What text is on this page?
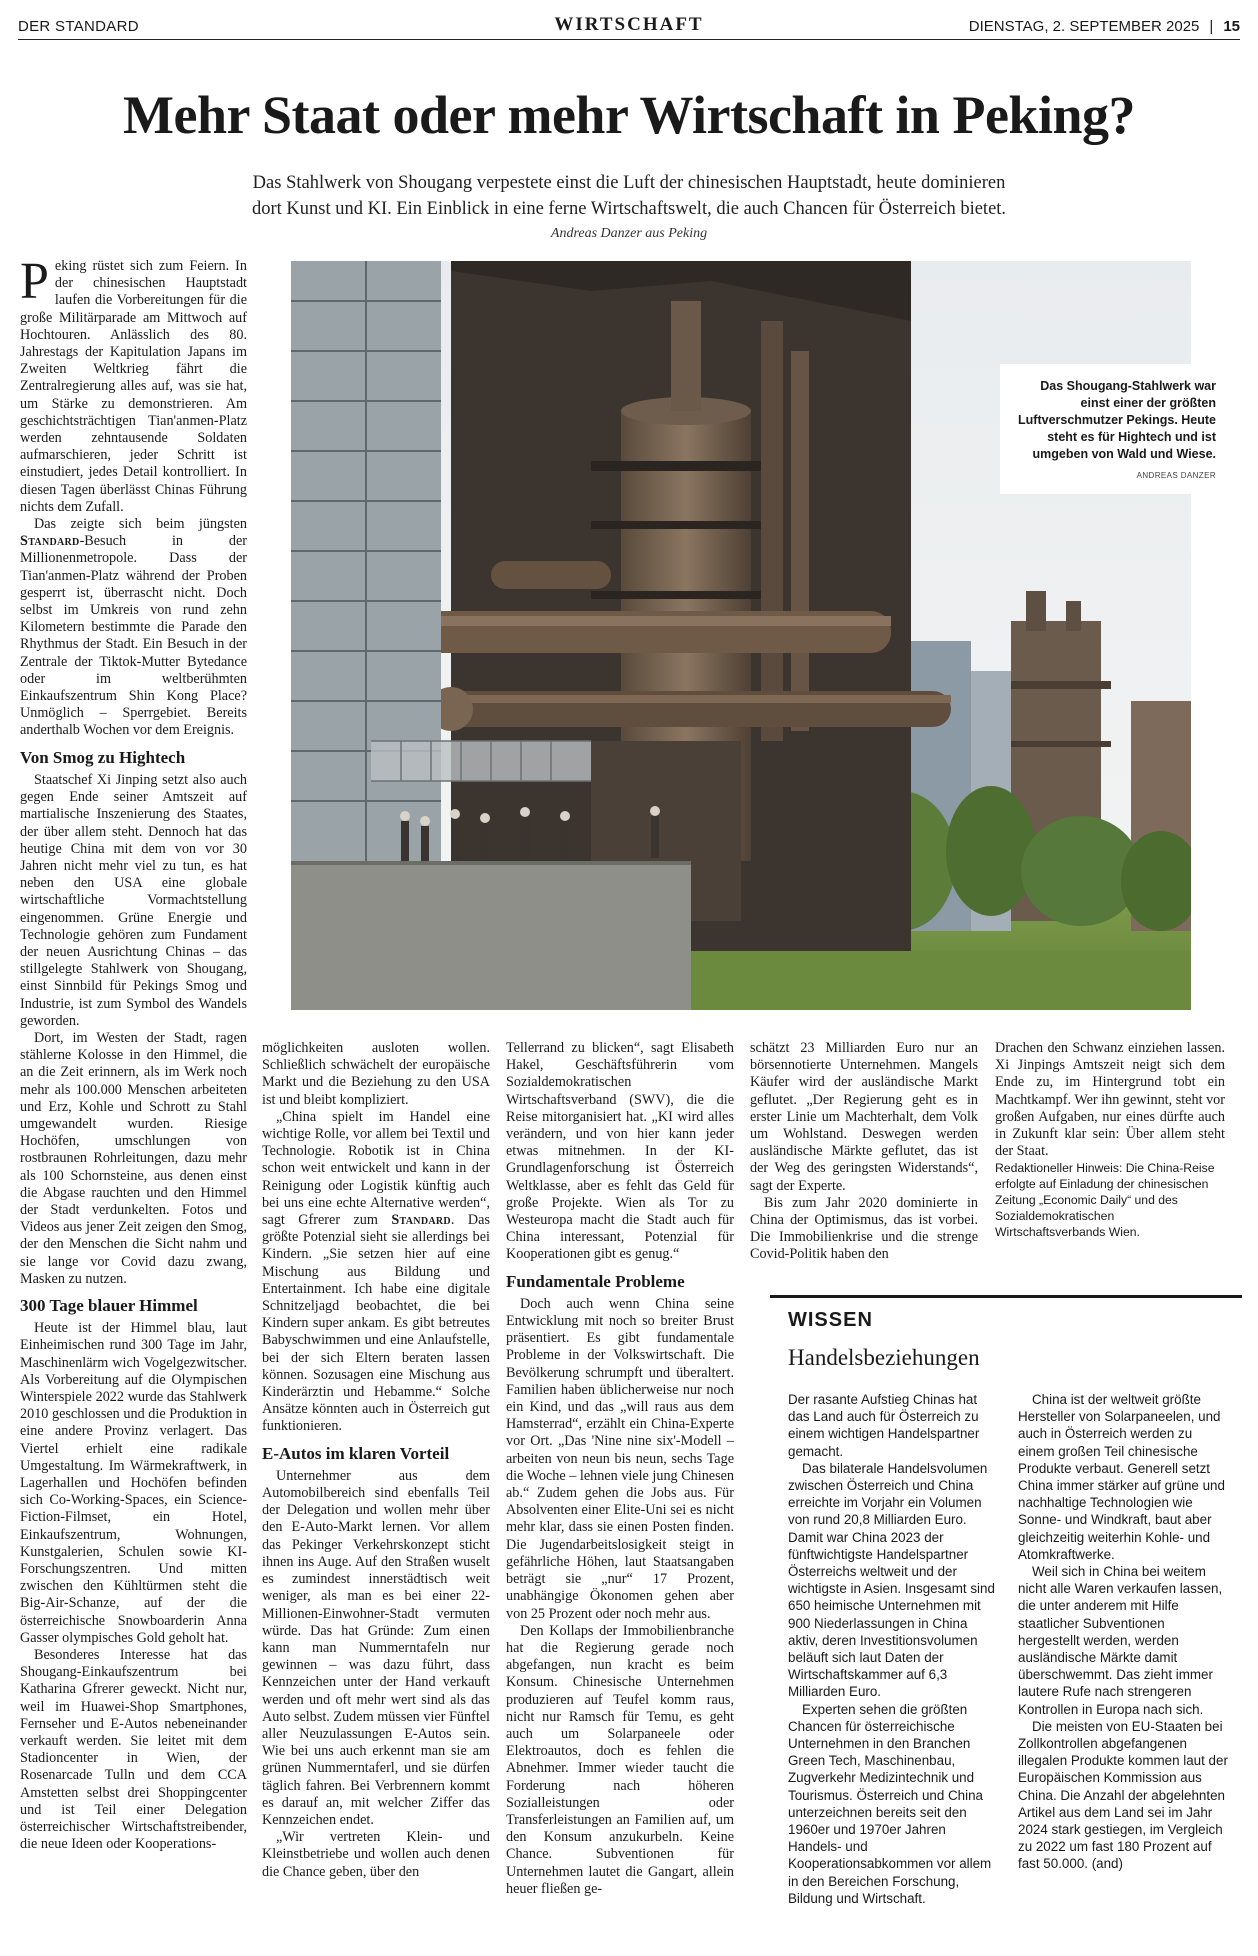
DER STANDARD	WIRTSCHAFT	DIENSTAG, 2. SEPTEMBER 2025 | 15
Mehr Staat oder mehr Wirtschaft in Peking?
Das Stahlwerk von Shougang verpestete einst die Luft der chinesischen Hauptstadt, heute dominieren
dort Kunst und KI. Ein Einblick in eine ferne Wirtschaftswelt, die auch Chancen für Österreich bietet.
Andreas Danzer aus Peking
Das Shougang-Stahlwerk war einst einer der größten Luftverschmutzer Pekings. Heute steht es für Hightech und ist umgeben von Wald und Wiese.
ANDREAS DANZER

Peking rüstet sich zum Feiern. In der chinesischen Hauptstadt laufen die Vorbereitungen für die große Militärparade am Mittwoch auf Hochtouren. Anlässlich des 80. Jahrestags der Kapitulation Japans im Zweiten Weltkrieg fährt die Zentralregierung alles auf, was sie hat, um Stärke zu demonstrieren. Am geschichtsträchtigen Tian'anmen-Platz werden zehntausende Soldaten aufmarschieren, jeder Schritt ist einstudiert, jedes Detail kontrolliert. In diesen Tagen überlässt Chinas Führung nichts dem Zufall.

Das zeigte sich beim jüngsten Standard-Besuch in der Millionenmetropole. Dass der Tian'anmen-Platz während der Proben gesperrt ist, überrascht nicht. Doch selbst im Umkreis von rund zehn Kilometern bestimmte die Parade den Rhythmus der Stadt. Ein Besuch in der Zentrale der Tiktok-Mutter Bytedance oder im weltberühmten Einkaufszentrum Shin Kong Place? Unmöglich – Sperrgebiet. Bereits anderthalb Wochen vor dem Ereignis.

Von Smog zu Hightech

Staatschef Xi Jinping setzt also auch gegen Ende seiner Amtszeit auf martialische Inszenierung des Staates, der über allem steht. Dennoch hat das heutige China mit dem von vor 30 Jahren nicht mehr viel zu tun, es hat neben den USA eine globale wirtschaftliche Vormachtstellung eingenommen. Grüne Energie und Technologie gehören zum Fundament der neuen Ausrichtung Chinas – das stillgelegte Stahlwerk von Shougang, einst Sinnbild für Pekings Smog und Industrie, ist zum Symbol des Wandels geworden.

Dort, im Westen der Stadt, ragen stählerne Kolosse in den Himmel, die an die Zeit erinnern, als im Werk noch mehr als 100.000 Menschen arbeiteten und Erz, Kohle und Schrott zu Stahl umgewandelt wurden. Riesige Hochöfen, umschlungen von rostbraunen Rohrleitungen, dazu mehr als 100 Schornsteine, aus denen einst die Abgase rauchten und den Himmel der Stadt verdunkelten. Fotos und Videos aus jener Zeit zeigen den Smog, der den Menschen die Sicht nahm und sie lange vor Covid dazu zwang, Masken zu nutzen.

300 Tage blauer Himmel

Heute ist der Himmel blau, laut Einheimischen rund 300 Tage im Jahr, Maschinenlärm wich Vogelgezwitscher. Als Vorbereitung auf die Olympischen Winterspiele 2022 wurde das Stahlwerk 2010 geschlossen und die Produktion in eine andere Provinz verlagert. Das Viertel erhielt eine radikale Umgestaltung. Im Wärmekraftwerk, in Lagerhallen und Hochöfen befinden sich Co-Working-Spaces, ein Science-Fiction-Filmset, ein Hotel, Einkaufszentrum, Wohnungen, Kunstgalerien, Schulen sowie KI-Forschungszentren. Und mitten zwischen den Kühltürmen steht die Big-Air-Schanze, auf der die österreichische Snowboarderin Anna Gasser olympisches Gold geholt hat.

Besonderes Interesse hat das Shougang-Einkaufszentrum bei Katharina Gfrerer geweckt. Nicht nur, weil im Huawei-Shop Smartphones, Fernseher und E-Autos nebeneinander verkauft werden. Sie leitet mit dem Stadioncenter in Wien, der Rosenarcade Tulln und dem CCA Amstetten selbst drei Shoppingcenter und ist Teil einer Delegation österreichischer Wirtschaftstreibender, die neue Ideen oder Kooperations-

möglichkeiten ausloten wollen. Schließlich schwächelt der europäische Markt und die Beziehung zu den USA ist und bleibt kompliziert.

„China spielt im Handel eine wichtige Rolle, vor allem bei Textil und Technologie. Robotik ist in China schon weit entwickelt und kann in der Reinigung oder Logistik künftig auch bei uns eine echte Alternative werden“, sagt Gfrerer zum Standard. Das größte Potenzial sieht sie allerdings bei Kindern. „Sie setzen hier auf eine Mischung aus Bildung und Entertainment. Ich habe eine digitale Schnitzeljagd beobachtet, die bei Kindern super ankam. Es gibt betreutes Babyschwimmen und eine Anlaufstelle, bei der sich Eltern beraten lassen können. Sozusagen eine Mischung aus Kinderärztin und Hebamme.“ Solche Ansätze könnten auch in Österreich gut funktionieren.

E-Autos im klaren Vorteil

Unternehmer aus dem Automobilbereich sind ebenfalls Teil der Delegation und wollen mehr über den E-Auto-Markt lernen. Vor allem das Pekinger Verkehrskonzept sticht ihnen ins Auge. Auf den Straßen wuselt es zumindest innerstädtisch weit weniger, als man es bei einer 22-Millionen-Einwohner-Stadt vermuten würde. Das hat Gründe: Zum einen kann man Nummerntafeln nur gewinnen – was dazu führt, dass Kennzeichen unter der Hand verkauft werden und oft mehr wert sind als das Auto selbst. Zudem müssen vier Fünftel aller Neuzulassungen E-Autos sein. Wie bei uns auch erkennt man sie am grünen Nummerntaferl, und sie dürfen täglich fahren. Bei Verbrennern kommt es darauf an, mit welcher Ziffer das Kennzeichen endet.

„Wir vertreten Klein- und Kleinstbetriebe und wollen auch denen die Chance geben, über den

Tellerrand zu blicken“, sagt Elisabeth Hakel, Geschäftsführerin vom Sozialdemokratischen Wirtschaftsverband (SWV), die die Reise mitorganisiert hat. „KI wird alles verändern, und von hier kann jeder etwas mitnehmen. In der KI-Grundlagenforschung ist Österreich Weltklasse, aber es fehlt das Geld für große Projekte. Wien als Tor zu Westeuropa macht die Stadt auch für China interessant, Potenzial für Kooperationen gibt es genug.“

Fundamentale Probleme

Doch auch wenn China seine Entwicklung mit noch so breiter Brust präsentiert. Es gibt fundamentale Probleme in der Volkswirtschaft. Die Bevölkerung schrumpft und überaltert. Familien haben üblicherweise nur noch ein Kind, und das „will raus aus dem Hamsterrad“, erzählt ein China-Experte vor Ort. „Das 'Nine nine six'-Modell – arbeiten von neun bis neun, sechs Tage die Woche – lehnen viele jung Chinesen ab.“ Zudem gehen die Jobs aus. Für Absolventen einer Elite-Uni sei es nicht mehr klar, dass sie einen Posten finden. Die Jugendarbeitslosigkeit steigt in gefährliche Höhen, laut Staatsangaben beträgt sie „nur“ 17 Prozent, unabhängige Ökonomen gehen aber von 25 Prozent oder noch mehr aus.

Den Kollaps der Immobilienbranche hat die Regierung gerade noch abgefangen, nun kracht es beim Konsum. Chinesische Unternehmen produzieren auf Teufel komm raus, nicht nur Ramsch für Temu, es geht auch um Solarpaneele oder Elektroautos, doch es fehlen die Abnehmer. Immer wieder taucht die Forderung nach höheren Sozialleistungen oder Transferleistungen an Familien auf, um den Konsum anzukurbeln. Keine Chance. Subventionen für Unternehmen lautet die Gangart, allein heuer fließen ge-

schätzt 23 Milliarden Euro nur an börsennotierte Unternehmen. Mangels Käufer wird der ausländische Markt geflutet. „Der Regierung geht es in erster Linie um Machterhalt, dem Volk um Wohlstand. Deswegen werden ausländische Märkte geflutet, das ist der Weg des geringsten Widerstands“, sagt der Experte.

Bis zum Jahr 2020 dominierte in China der Optimismus, das ist vorbei. Die Immobilienkrise und die strenge Covid-Politik haben den

Drachen den Schwanz einziehen lassen. Xi Jinpings Amtszeit neigt sich dem Ende zu, im Hintergrund tobt ein Machtkampf. Wer ihn gewinnt, steht vor großen Aufgaben, nur eines dürfte auch in Zukunft klar sein: Über allem steht der Staat.

Redaktioneller Hinweis: Die China-Reise erfolgte auf Einladung der chinesischen Zeitung „Economic Daily“ und des Sozialdemokratischen Wirtschaftsverbands Wien.

WISSEN
Handelsbeziehungen

Der rasante Aufstieg Chinas hat das Land auch für Österreich zu einem wichtigen Handelspartner gemacht.

Das bilaterale Handelsvolumen zwischen Österreich und China erreichte im Vorjahr ein Volumen von rund 20,8 Milliarden Euro. Damit war China 2023 der fünftwichtigste Handelspartner Österreichs weltweit und der wichtigste in Asien. Insgesamt sind 650 heimische Unternehmen mit 900 Niederlassungen in China aktiv, deren Investitionsvolumen beläuft sich laut Daten der Wirtschaftskammer auf 6,3 Milliarden Euro.

Experten sehen die größten Chancen für österreichische Unternehmen in den Branchen Green Tech, Maschinenbau, Zugverkehr Medizintechnik und Tourismus. Österreich und China unterzeichnen bereits seit den 1960er und 1970er Jahren Handels- und Kooperationsabkommen vor allem in den Bereichen Forschung, Bildung und Wirtschaft.

China ist der weltweit größte Hersteller von Solarpaneelen, und auch in Österreich werden zu einem großen Teil chinesische Produkte verbaut. Generell setzt China immer stärker auf grüne und nachhaltige Technologien wie Sonne- und Windkraft, baut aber gleichzeitig weiterhin Kohle- und Atomkraftwerke.

Weil sich in China bei weitem nicht alle Waren verkaufen lassen, die unter anderem mit Hilfe staatlicher Subventionen hergestellt werden, werden ausländische Märkte damit überschwemmt. Das zieht immer lautere Rufe nach strengeren Kontrollen in Europa nach sich.

Die meisten von EU-Staaten bei Zollkontrollen abgefangenen illegalen Produkte kommen laut der Europäischen Kommission aus China. Die Anzahl der abgelehnten Artikel aus dem Land sei im Jahr 2024 stark gestiegen, im Vergleich zu 2022 um fast 180 Prozent auf fast 50.000. (and)
